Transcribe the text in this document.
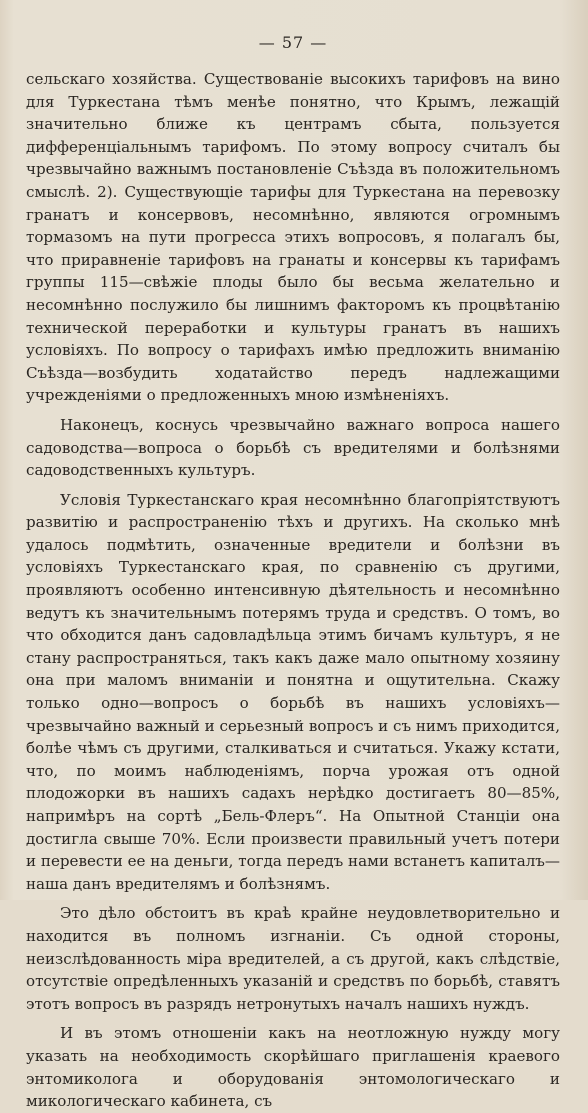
— 57 —

сельскаго хозяйства. Существованіе высокихъ тарифовъ на вино для Туркестана тѣмъ менѣе понятно, что Крымъ, лежащій значительно ближе къ центрамъ сбыта, пользуется дифференціальнымъ тарифомъ. По этому вопросу считалъ бы чрезвычайно важнымъ постановленіе Съѣзда въ положительномъ смыслѣ. 2). Существующіе тарифы для Туркестана на перевозку гранатъ и консервовъ, несомнѣнно, являются огромнымъ тормазомъ на пути прогресса этихъ вопросовъ, я полагалъ бы, что приравненіе тарифовъ на гранаты и консервы къ тарифамъ группы 115—свѣжіе плоды было бы весьма желательно и несомнѣнно послужило бы лишнимъ факторомъ къ процвѣтанію технической переработки и культуры гранатъ въ нашихъ условіяхъ. По вопросу о тарифахъ имѣю предложить вниманію Съѣзда—возбудить ходатайство передъ надлежащими учрежденіями о предложенныхъ мною измѣненіяхъ.

Наконецъ, коснусь чрезвычайно важнаго вопроса нашего садоводства—вопроса о борьбѣ съ вредителями и болѣзнями садоводственныхъ культуръ.

Условія Туркестанскаго края несомнѣнно благопріятствуютъ развитію и распространенію тѣхъ и другихъ. На сколько мнѣ удалось подмѣтить, означенные вредители и болѣзни въ условіяхъ Туркестанскаго края, по сравненію съ другими, проявляютъ особенно интенсивную дѣятельность и несомнѣнно ведутъ къ значительнымъ потерямъ труда и средствъ. О томъ, во что обходится данъ садовладѣльца этимъ бичамъ культуръ, я не стану распространяться, такъ какъ даже мало опытному хозяину она при маломъ вниманіи и понятна и ощутительна. Скажу только одно—вопросъ о борьбѣ въ нашихъ условіяхъ—чрезвычайно важный и серьезный вопросъ и съ нимъ приходится, болѣе чѣмъ съ другими, сталкиваться и считаться. Укажу кстати, что, по моимъ наблюденіямъ, порча урожая отъ одной плодожорки въ нашихъ садахъ нерѣдко достигаетъ 80—85%, напримѣръ на сортѣ „Бель-Флеръ“. На Опытной Станціи она достигла свыше 70%. Если произвести правильный учетъ потери и перевести ее на деньги, тогда передъ нами встанетъ капиталъ—наша данъ вредителямъ и болѣзнямъ.

Это дѣло обстоитъ въ краѣ крайне неудовлетворительно и находится въ полномъ изгнаніи. Съ одной стороны, неизслѣдованность міра вредителей, а съ другой, какъ слѣдствіе, отсутствіе опредѣленныхъ указаній и средствъ по борьбѣ, ставятъ этотъ вопросъ въ разрядъ нетронутыхъ началъ нашихъ нуждъ.

И въ этомъ отношеніи какъ на неотложную нужду могу указать на необходимость скорѣйшаго приглашенія краевого энтомиколога и оборудованія энтомологическаго и микологическаго кабинета, съ
